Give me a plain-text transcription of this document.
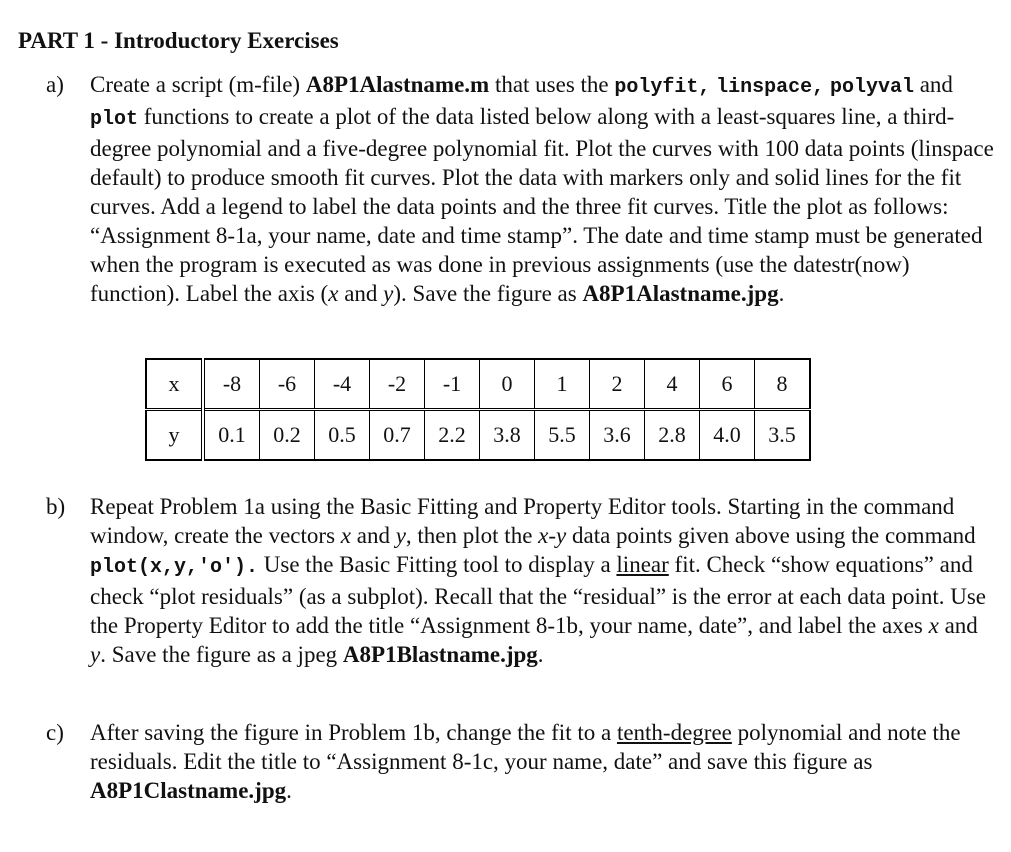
PART 1 - Introductory Exercises
a) Create a script (m-file) A8P1Alastname.m that uses the polyfit, linspace, polyval and plot functions to create a plot of the data listed below along with a least-squares line, a third-degree polynomial and a five-degree polynomial fit. Plot the curves with 100 data points (linspace default) to produce smooth fit curves. Plot the data with markers only and solid lines for the fit curves. Add a legend to label the data points and the three fit curves. Title the plot as follows: “Assignment 8-1a, your name, date and time stamp”. The date and time stamp must be generated when the program is executed as was done in previous assignments (use the datestr(now) function). Label the axis (x and y). Save the figure as A8P1Alastname.jpg.
x	-8	-6	-4	-2	-1	0	1	2	4	6	8
y	0.1	0.2	0.5	0.7	2.2	3.8	5.5	3.6	2.8	4.0	3.5
b) Repeat Problem 1a using the Basic Fitting and Property Editor tools. Starting in the command window, create the vectors x and y, then plot the x-y data points given above using the command plot(x,y,'o'). Use the Basic Fitting tool to display a linear fit. Check “show equations” and check “plot residuals” (as a subplot). Recall that the “residual” is the error at each data point. Use the Property Editor to add the title “Assignment 8-1b, your name, date”, and label the axes x and y. Save the figure as a jpeg A8P1Blastname.jpg.
c) After saving the figure in Problem 1b, change the fit to a tenth-degree polynomial and note the residuals. Edit the title to “Assignment 8-1c, your name, date” and save this figure as A8P1Clastname.jpg.
